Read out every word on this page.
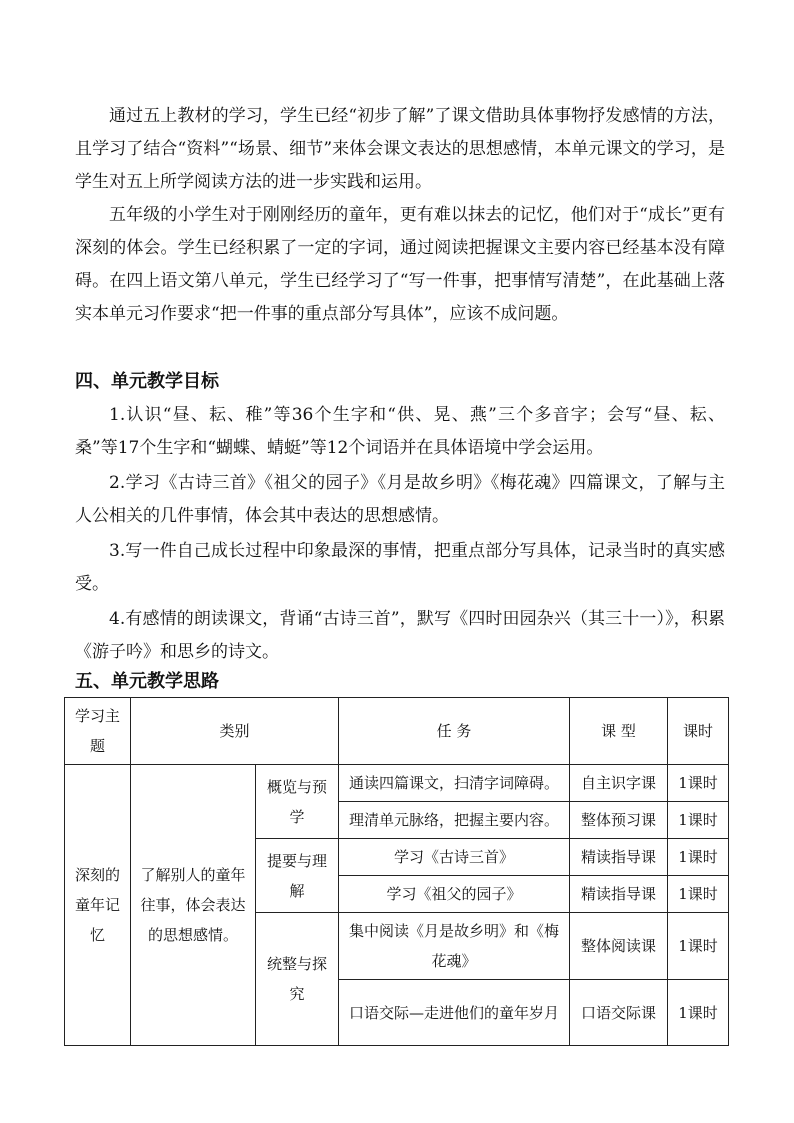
通过五上教材的学习，学生已经“初步了解”了课文借助具体事物抒发感情的方法，且学习了结合“资料”“场景、细节”来体会课文表达的思想感情，本单元课文的学习，是学生对五上所学阅读方法的进一步实践和运用。

五年级的小学生对于刚刚经历的童年，更有难以抹去的记忆，他们对于“成长”更有深刻的体会。学生已经积累了一定的字词，通过阅读把握课文主要内容已经基本没有障碍。在四上语文第八单元，学生已经学习了“写一件事，把事情写清楚”，在此基础上落实本单元习作要求“把一件事的重点部分写具体”，应该不成问题。

四、单元教学目标

1.认识“昼、耘、稚”等36个生字和“供、晃、燕”三个多音字；会写“昼、耘、桑”等17个生字和“蝴蝶、蜻蜓”等12个词语并在具体语境中学会运用。

2.学习《古诗三首》《祖父的园子》《月是故乡明》《梅花魂》四篇课文，了解与主人公相关的几件事情，体会其中表达的思想感情。

3.写一件自己成长过程中印象最深的事情，把重点部分写具体，记录当时的真实感受。

4.有感情的朗读课文，背诵“古诗三首”，默写《四时田园杂兴（其三十一）》，积累《游子吟》和思乡的诗文。

五、单元教学思路
学习主题	类别		任 务	课 型	课时
深刻的童年记忆	了解别人的童年往事，体会表达的思想感情。	概览与预学	通读四篇课文，扫清字词障碍。	自主识字课	1课时
			理清单元脉络，把握主要内容。	整体预习课	1课时
		提要与理解	学习《古诗三首》	精读指导课	1课时
			学习《祖父的园子》	精读指导课	1课时
		统整与探究	集中阅读《月是故乡明》和《梅花魂》	整体阅读课	1课时
			口语交际—走进他们的童年岁月	口语交际课	1课时
